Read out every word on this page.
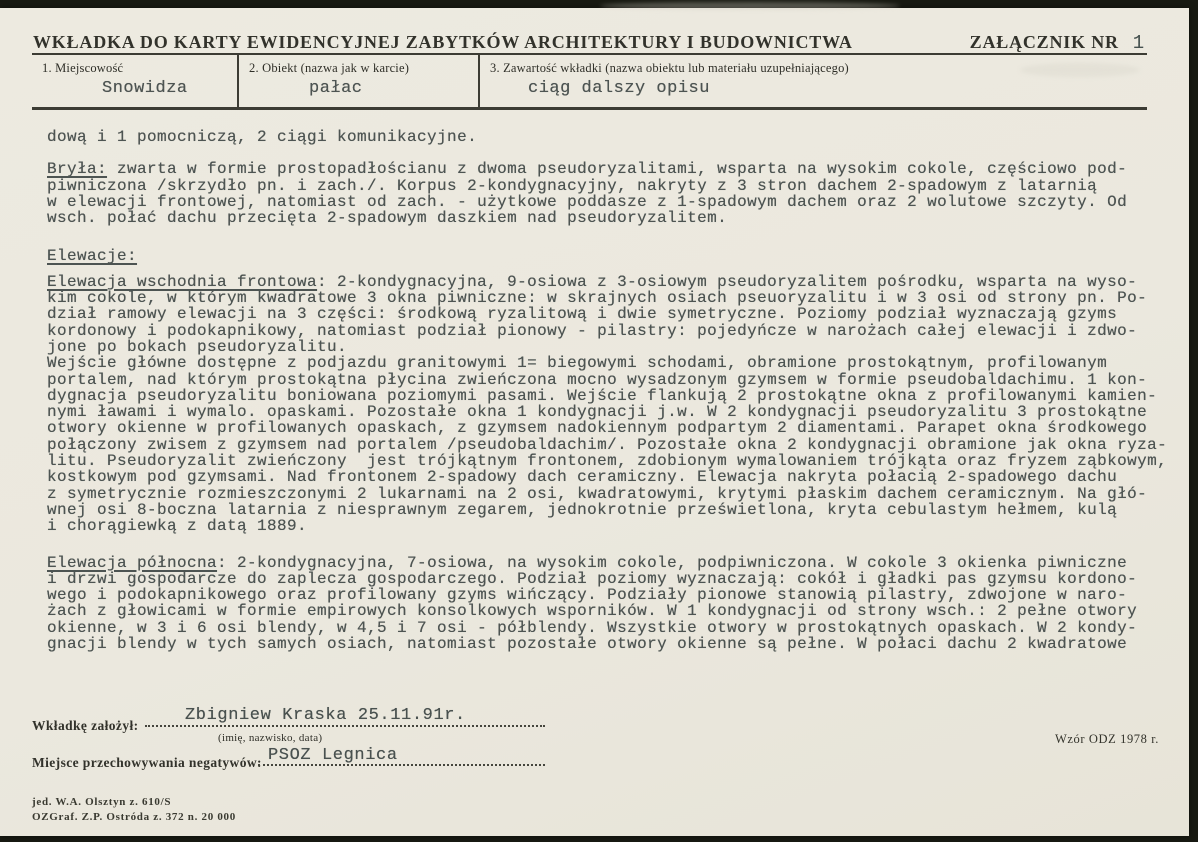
WKŁADKA DO KARTY EWIDENCYJNEJ ZABYTKÓW ARCHITEKTURY I BUDOWNICTWA	ZAŁĄCZNIK NR 1
1. Miejscowość
Snowidza
2. Obiekt (nazwa jak w karcie)
pałac
3. Zawartość wkładki (nazwa obiektu lub materiału uzupełniającego)
ciąg dalszy opisu
dową i 1 pomocniczą, 2 ciągi komunikacyjne.
Bryła: zwarta w formie prostopadłościanu z dwoma pseudoryzalitami, wsparta na wysokim cokole, częściowo pod-
piwniczona /skrzydło pn. i zach./. Korpus 2-kondygnacyjny, nakryty z 3 stron dachem 2-spadowym z latarnią
w elewacji frontowej, natomiast od zach. - użytkowe poddasze z 1-spadowym dachem oraz 2 wolutowe szczyty. Od
wsch. połać dachu przecięta 2-spadowym daszkiem nad pseudoryzalitem.
Elewacje:
Elewacja wschodnia frontowa: 2-kondygnacyjna, 9-osiowa z 3-osiowym pseudoryzalitem pośrodku, wsparta na wyso-
kim cokole, w którym kwadratowe 3 okna piwniczne: w skrajnych osiach pseuoryzalitu i w 3 osi od strony pn. Po-
dział ramowy elewacji na 3 części: środkową ryzalitową i dwie symetryczne. Poziomy podział wyznaczają gzyms
kordonowy i podokapnikowy, natomiast podział pionowy - pilastry: pojedyńcze w narożach całej elewacji i zdwo-
jone po bokach pseudoryzalitu.
Wejście główne dostępne z podjazdu granitowymi 1= biegowymi schodami, obramione prostokątnym, profilowanym
portalem, nad którym prostokątna płycina zwieńczona mocno wysadzonym gzymsem w formie pseudobaldachimu. 1 kon-
dygnacja pseudoryzalitu boniowana poziomymi pasami. Wejście flankują 2 prostokątne okna z profilowanymi kamien-
nymi ławami i wymalo. opaskami. Pozostałe okna 1 kondygnacji j.w. W 2 kondygnacji pseudoryzalitu 3 prostokątne
otwory okienne w profilowanych opaskach, z gzymsem nadokiennym podpartym 2 diamentami. Parapet okna środkowego
połączony zwisem z gzymsem nad portalem /pseudobaldachim/. Pozostałe okna 2 kondygnacji obramione jak okna ryza-
litu. Pseudoryzalit zwieńczony  jest trójkątnym frontonem, zdobionym wymalowaniem trójkąta oraz fryzem ząbkowym,
kostkowym pod gzymsami. Nad frontonem 2-spadowy dach ceramiczny. Elewacja nakryta połacią 2-spadowego dachu
z symetrycznie rozmieszczonymi 2 lukarnami na 2 osi, kwadratowymi, krytymi płaskim dachem ceramicznym. Na głó-
wnej osi 8-boczna latarnia z niesprawnym zegarem, jednokrotnie prześwietlona, kryta cebulastym hełmem, kulą
i chorągiewką z datą 1889.
Elewacja północna: 2-kondygnacyjna, 7-osiowa, na wysokim cokole, podpiwniczona. W cokole 3 okienka piwniczne
i drzwi gospodarcze do zaplecza gospodarczego. Podział poziomy wyznaczają: cokół i gładki pas gzymsu kordono-
wego i podokapnikowego oraz profilowany gzyms wińczący. Podziały pionowe stanowią pilastry, zdwojone w naro-
żach z głowicami w formie empirowych konsolkowych wsporników. W 1 kondygnacji od strony wsch.: 2 pełne otwory
okienne, w 3 i 6 osi blendy, w 4,5 i 7 osi - półblendy. Wszystkie otwory w prostokątnych opaskach. W 2 kondy-
gnacji blendy w tych samych osiach, natomiast pozostałe otwory okienne są pełne. W połaci dachu 2 kwadratowe
Wkładkę założył:
Zbigniew Kraska 25.11.91r.
(imię, nazwisko, data)
Miejsce przechowywania negatywów: PSOZ Legnica
Wzór ODZ 1978 r.
jed. W.A. Olsztyn z. 610/S
OZGraf. Z.P. Ostróda z. 372 n. 20 000
